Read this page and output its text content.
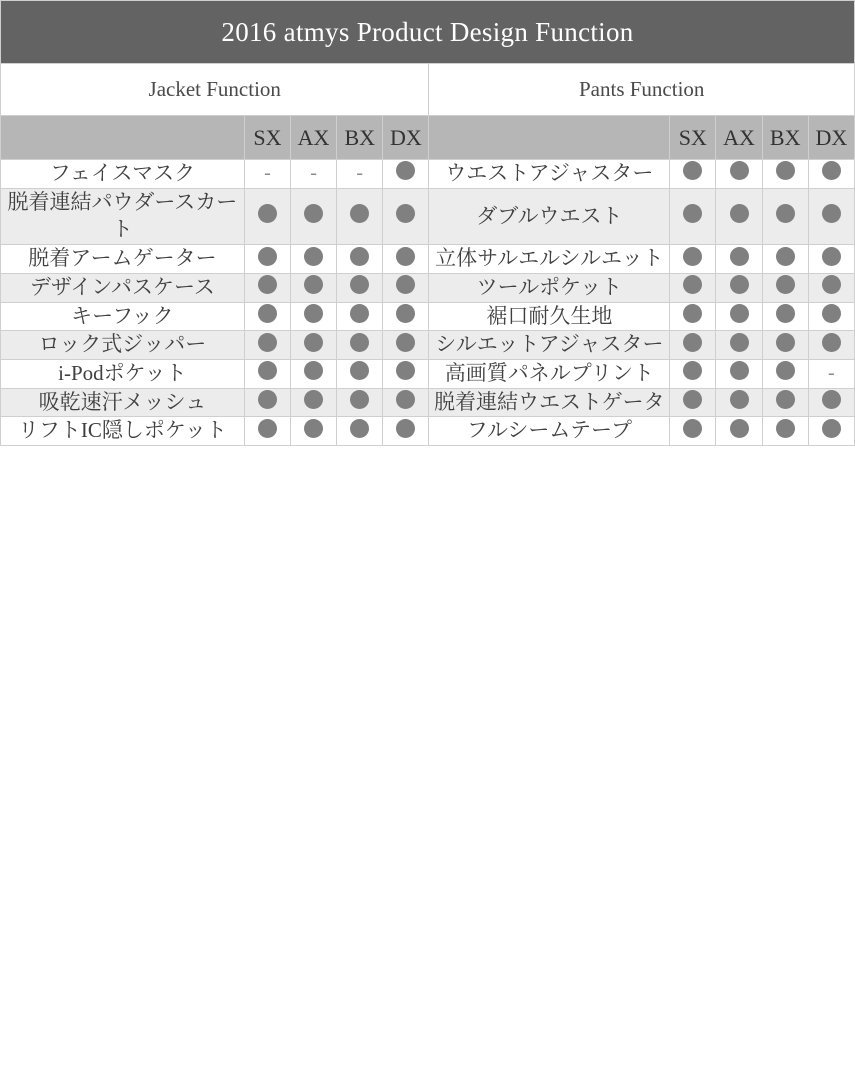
2016 atmys Product Design Function									
Jacket Function					Pants Function				
	SX	AX	BX	DX		SX	AX	BX	DX
フェイスマスク	-	-	-		ウエストアジャスター				
脱着連結パウダースカート					ダブルウエスト				
脱着アームゲーター					立体サルエルシルエット				
デザインパスケース					ツールポケット				
キーフック					裾口耐久生地				
ロック式ジッパー					シルエットアジャスター				
i-Podポケット					高画質パネルプリント				-
吸乾速汗メッシュ					脱着連結ウエストゲータ				
リフトIC隠しポケット					フルシームテープ				
